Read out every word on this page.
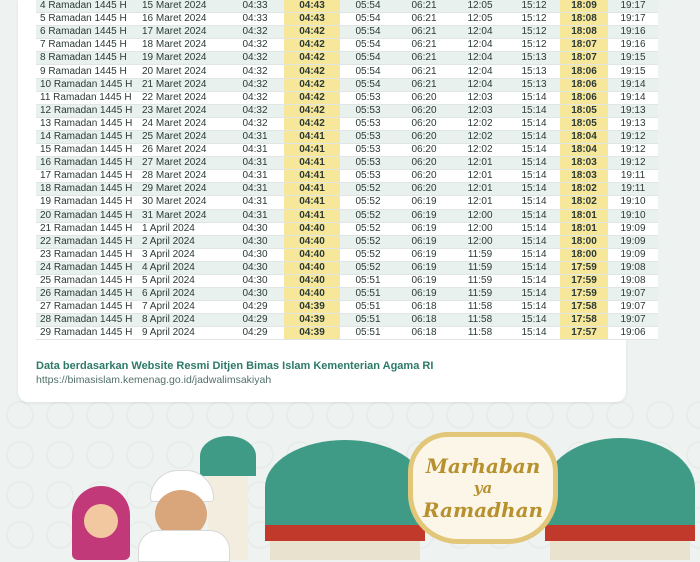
4 Ramadan 1445 H	15 Maret 2024	04:33	04:43	05:54	06:21	12:05	15:12	18:09	19:17
5 Ramadan 1445 H	16 Maret 2024	04:33	04:43	05:54	06:21	12:05	15:12	18:08	19:17
6 Ramadan 1445 H	17 Maret 2024	04:32	04:42	05:54	06:21	12:04	15:12	18:08	19:16
7 Ramadan 1445 H	18 Maret 2024	04:32	04:42	05:54	06:21	12:04	15:12	18:07	19:16
8 Ramadan 1445 H	19 Maret 2024	04:32	04:42	05:54	06:21	12:04	15:13	18:07	19:15
9 Ramadan 1445 H	20 Maret 2024	04:32	04:42	05:54	06:21	12:04	15:13	18:06	19:15
10 Ramadan 1445 H	21 Maret 2024	04:32	04:42	05:54	06:21	12:04	15:13	18:06	19:14
11 Ramadan 1445 H	22 Maret 2024	04:32	04:42	05:53	06:20	12:03	15:14	18:06	19:14
12 Ramadan 1445 H	23 Maret 2024	04:32	04:42	05:53	06:20	12:03	15:14	18:05	19:13
13 Ramadan 1445 H	24 Maret 2024	04:32	04:42	05:53	06:20	12:02	15:14	18:05	19:13
14 Ramadan 1445 H	25 Maret 2024	04:31	04:41	05:53	06:20	12:02	15:14	18:04	19:12
15 Ramadan 1445 H	26 Maret 2024	04:31	04:41	05:53	06:20	12:02	15:14	18:04	19:12
16 Ramadan 1445 H	27 Maret 2024	04:31	04:41	05:53	06:20	12:01	15:14	18:03	19:12
17 Ramadan 1445 H	28 Maret 2024	04:31	04:41	05:53	06:20	12:01	15:14	18:03	19:11
18 Ramadan 1445 H	29 Maret 2024	04:31	04:41	05:52	06:20	12:01	15:14	18:02	19:11
19 Ramadan 1445 H	30 Maret 2024	04:31	04:41	05:52	06:19	12:01	15:14	18:02	19:10
20 Ramadan 1445 H	31 Maret 2024	04:31	04:41	05:52	06:19	12:00	15:14	18:01	19:10
21 Ramadan 1445 H	1 April 2024	04:30	04:40	05:52	06:19	12:00	15:14	18:01	19:09
22 Ramadan 1445 H	2 April 2024	04:30	04:40	05:52	06:19	12:00	15:14	18:00	19:09
23 Ramadan 1445 H	3 April 2024	04:30	04:40	05:52	06:19	11:59	15:14	18:00	19:09
24 Ramadan 1445 H	4 April 2024	04:30	04:40	05:52	06:19	11:59	15:14	17:59	19:08
25 Ramadan 1445 H	5 April 2024	04:30	04:40	05:51	06:19	11:59	15:14	17:59	19:08
26 Ramadan 1445 H	6 April 2024	04:30	04:40	05:51	06:19	11:59	15:14	17:59	19:07
27 Ramadan 1445 H	7 April 2024	04:29	04:39	05:51	06:18	11:58	15:14	17:58	19:07
28 Ramadan 1445 H	8 April 2024	04:29	04:39	05:51	06:18	11:58	15:14	17:58	19:07
29 Ramadan 1445 H	9 April 2024	04:29	04:39	05:51	06:18	11:58	15:14	17:57	19:06
Data berdasarkan Website Resmi Ditjen Bimas Islam Kementerian Agama RI
https://bimasislam.kemenag.go.id/jadwalimsakiyah
Marhaban
ya
Ramadhan
